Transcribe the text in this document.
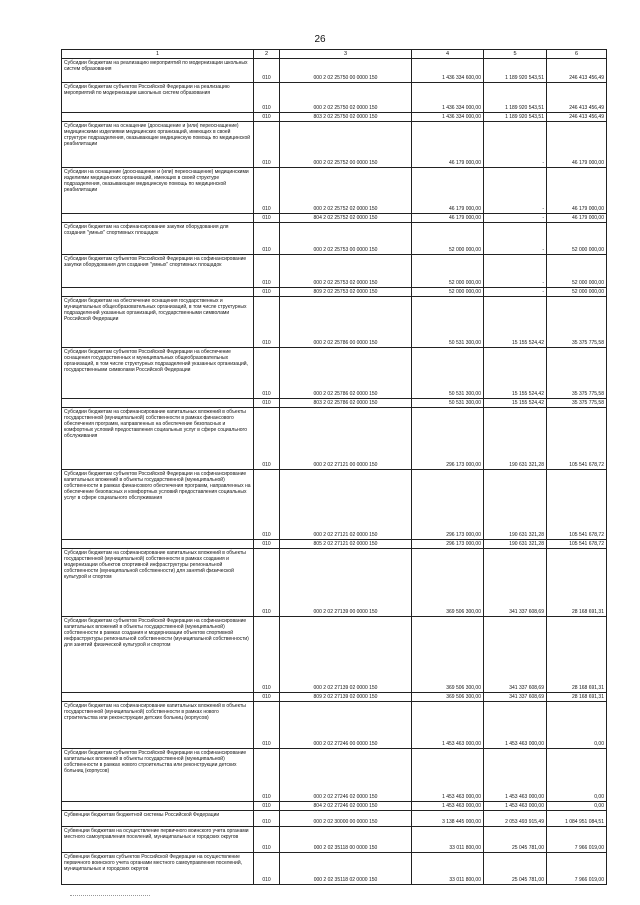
26
1	2	3	4	5	6
Субсидии бюджетам на реализацию мероприятий по модернизации школьных систем образования	010	000 2 02 25750 00 0000 150	1 436 334 600,00	1 189 920 543,51	246 413 456,49
Субсидии бюджетам субъектов Российской Федерации на реализацию мероприятий по модернизации школьных систем образования	010	000 2 02 25750 02 0000 150	1 436 334 000,00	1 189 920 543,51	246 413 456,49
	010	803 2 02 25750 02 0000 150	1 436 334 000,00	1 189 920 543,51	246 413 456,49
Субсидии бюджетам на оснащение (дооснащение и (или) переоснащение) медицинскими изделиями медицинских организаций, имеющих в своей структуре подразделения, оказывающие медицинскую помощь по медицинской реабилитации	010	000 2 02 25752 00 0000 150	46 179 000,00	-	46 179 000,00
Субсидии на оснащение (дооснащение и (или) переоснащение) медицинскими изделиями медицинских организаций, имеющих в своей структуре подразделения, оказывающие медицинскую помощь по медицинской реабилитации	010	000 2 02 25752 02 0000 150	46 179 000,00	-	46 179 000,00
	010	804 2 02 25752 02 0000 150	46 179 000,00	-	46 179 000,00
Субсидии бюджетам на софинансирование закупки оборудования для создания "умных" спортивных площадок	010	000 2 02 25753 00 0000 150	52 000 000,00	-	52 000 000,00
Субсидии бюджетам субъектов Российской Федерации на софинансирование закупки оборудования для создания "умных" спортивных площадок	010	000 2 02 25753 02 0000 150	52 000 000,00	-	52 000 000,00
	010	809 2 02 25753 02 0000 150	52 000 000,00	-	52 000 000,00
Субсидии бюджетам на обеспечение оснащения государственных и муниципальных общеобразовательных организаций, в том числе структурных подразделений указанных организаций, государственными символами Российской Федерации	010	000 2 02 25786 00 0000 150	50 531 300,00	15 155 524,42	35 375 775,58
Субсидии бюджетам субъектов Российской Федерации на обеспечение оснащения государственных и муниципальных общеобразовательных организаций, в том числе структурных подразделений указанных организаций, государственными символами Российской Федерации	010	000 2 02 25786 02 0000 150	50 531 300,00	15 155 524,42	35 375 775,58
	010	803 2 02 25786 02 0000 150	50 531 300,00	15 155 524,42	35 375 775,58
Субсидии бюджетам на софинансирование капитальных вложений в объекты государственной (муниципальной) собственности в рамках финансового обеспечения программ, направленных на обеспечение безопасных и комфортных условий предоставления социальных услуг в сфере социального обслуживания	010	000 2 02 27121 00 0000 150	296 173 000,00	190 631 321,28	105 541 678,72
Субсидии бюджетам субъектов Российской Федерации на софинансирование капитальных вложений в объекты государственной (муниципальной) собственности в рамках финансового обеспечения программ, направленных на обеспечение безопасных и комфортных условий предоставления социальных услуг в сфере социального обслуживания	010	000 2 02 27121 02 0000 150	296 173 000,00	190 631 321,28	105 541 678,72
	010	805 2 02 27121 02 0000 150	296 173 000,00	190 631 321,28	105 541 678,72
Субсидии бюджетам на софинансирование капитальных вложений в объекты государственной (муниципальной) собственности в рамках создания и модернизации объектов спортивной инфраструктуры региональной собственности (муниципальной собственности) для занятий физической культурой и спортом	010	000 2 02 27139 00 0000 150	369 506 300,00	341 337 608,69	28 168 691,31
Субсидии бюджетам субъектов Российской Федерации на софинансирование капитальных вложений в объекты государственной (муниципальной) собственности в рамках создания и модернизации объектов спортивной инфраструктуры региональной собственности (муниципальной собственности) для занятий физической культурой и спортом	010	000 2 02 27139 02 0000 150	369 506 300,00	341 337 608,69	28 168 691,31
	010	809 2 02 27139 02 0000 150	369 506 300,00	341 337 608,69	28 168 691,31
Субсидии бюджетам на софинансирование капитальных вложений в объекты государственной (муниципальной) собственности в рамках нового строительства или реконструкции детских больниц (корпусов)	010	000 2 02 27246 00 0000 150	1 453 463 000,00	1 453 463 000,00	0,00
Субсидии бюджетам субъектов Российской Федерации на софинансирование капитальных вложений в объекты государственной (муниципальной) собственности в рамках нового строительства или реконструкции детских больниц (корпусов)	010	000 2 02 27246 02 0000 150	1 453 463 000,00	1 453 463 000,00	0,00
	010	804 2 02 27246 02 0000 150	1 453 463 000,00	1 453 463 000,00	0,00
Субвенции бюджетам бюджетной системы Российской Федерации	010	000 2 02 30000 00 0000 150	3 138 445 000,00	2 053 493 915,49	1 084 951 084,51
Субвенции бюджетам на осуществление первичного воинского учета органами местного самоуправления поселений, муниципальных и городских округов	010	000 2 02 35118 00 0000 150	33 011 800,00	25 045 781,00	7 966 019,00
Субвенции бюджетам субъектов Российской Федерации на осуществление первичного воинского учета органами местного самоуправления поселений, муниципальных и городских округов	010	000 2 02 35118 02 0000 150	33 011 800,00	25 045 781,00	7 966 019,00
